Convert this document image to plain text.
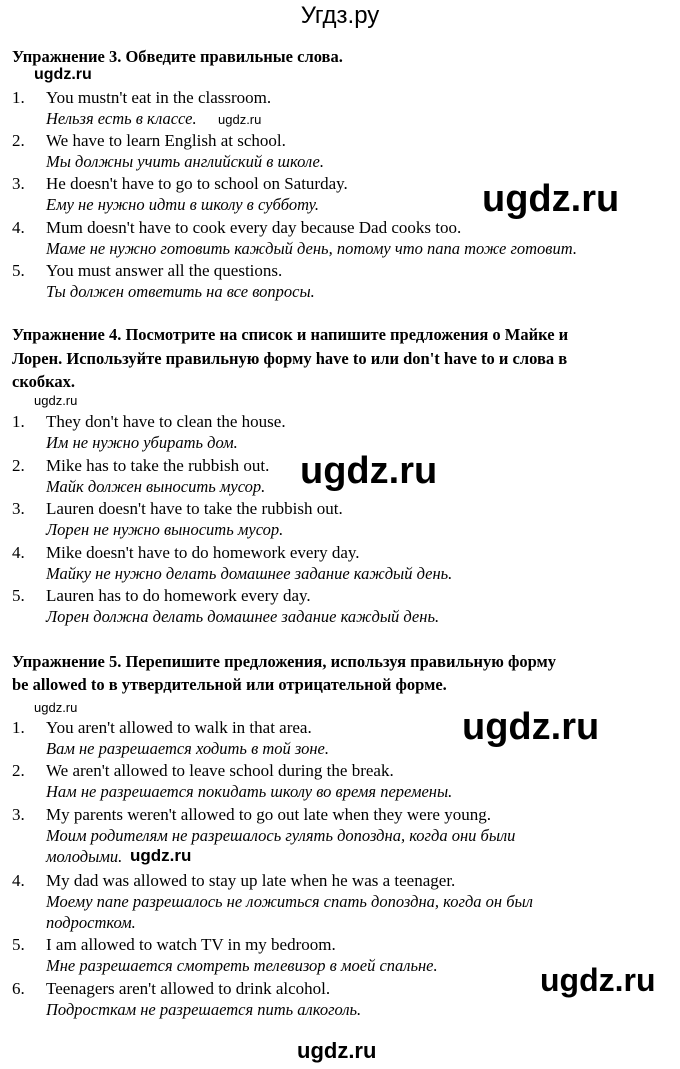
Угдз.ру
Упражнение 3. Обведите правильные слова.
1. You mustn't eat in the classroom.
Нельзя есть в классе.
2. We have to learn English at school.
Мы должны учить английский в школе.
3. He doesn't have to go to school on Saturday.
Ему не нужно идти в школу в субботу.
4. Mum doesn't have to cook every day because Dad cooks too.
Маме не нужно готовить каждый день, потому что папа тоже готовит.
5. You must answer all the questions.
Ты должен ответить на все вопросы.
Упражнение 4. Посмотрите на список и напишите предложения о Майке и
Лорен. Используйте правильную форму have to или don't have to и слова в
скобках.
1. They don't have to clean the house.
Им не нужно убирать дом.
2. Mike has to take the rubbish out.
Майк должен выносить мусор.
3. Lauren doesn't have to take the rubbish out.
Лорен не нужно выносить мусор.
4. Mike doesn't have to do homework every day.
Майку не нужно делать домашнее задание каждый день.
5. Lauren has to do homework every day.
Лорен должна делать домашнее задание каждый день.
Упражнение 5. Перепишите предложения, используя правильную форму
be allowed to в утвердительной или отрицательной форме.
1. You aren't allowed to walk in that area.
Вам не разрешается ходить в той зоне.
2. We aren't allowed to leave school during the break.
Нам не разрешается покидать школу во время перемены.
3. My parents weren't allowed to go out late when they were young.
Моим родителям не разрешалось гулять допоздна, когда они были
молодыми.
4. My dad was allowed to stay up late when he was a teenager.
Моему папе разрешалось не ложиться спать допоздна, когда он был
подростком.
5. I am allowed to watch TV in my bedroom.
Мне разрешается смотреть телевизор в моей спальне.
6. Teenagers aren't allowed to drink alcohol.
Подросткам не разрешается пить алкоголь.
ugdz.ru
ugdz.ru
ugdz.ru
ugdz.ru
ugdz.ru
ugdz.ru	ugdz.ru
ugdz.ru
ugdz.ru
ugdz.ru
